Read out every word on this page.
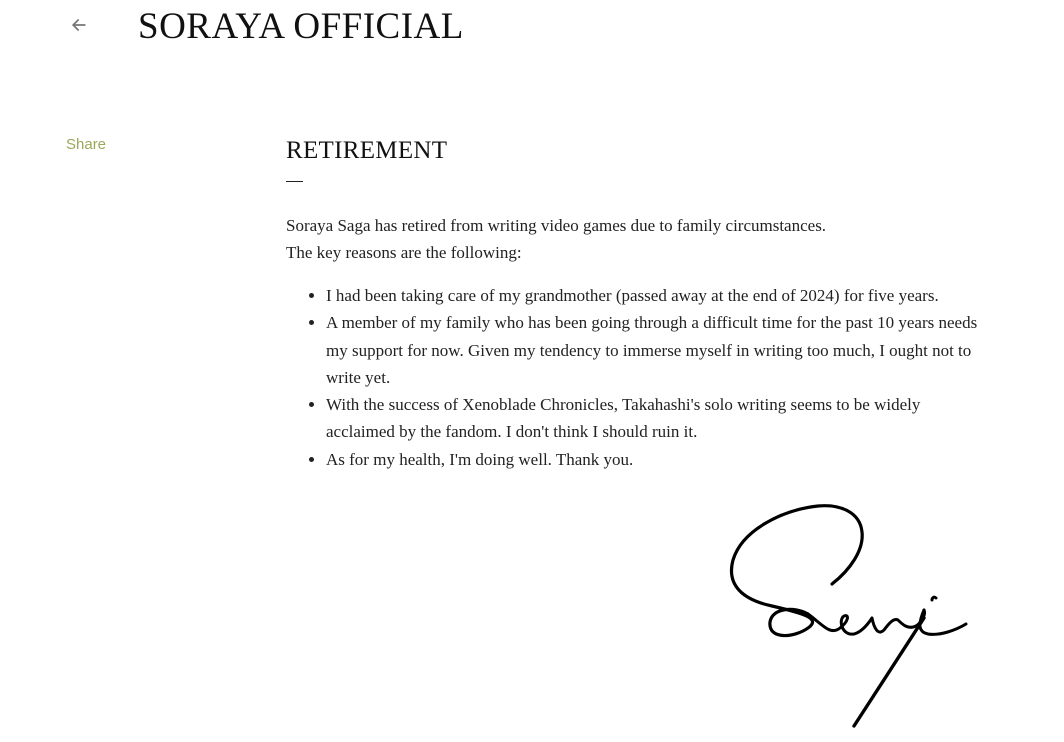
SORAYA OFFICIAL
Share	RETIREMENT

Soraya Saga has retired from writing video games due to family circumstances.

The key reasons are the following:

• I had been taking care of my grandmother (passed away at the end of 2024) for five years.
• A member of my family who has been going through a difficult time for the past 10 years needs my support for now. Given my tendency to immerse myself in writing too much, I ought not to write yet.
• With the success of Xenoblade Chronicles, Takahashi's solo writing seems to be widely acclaimed by the fandom. I don't think I should ruin it.
• As for my health, I'm doing well. Thank you.
